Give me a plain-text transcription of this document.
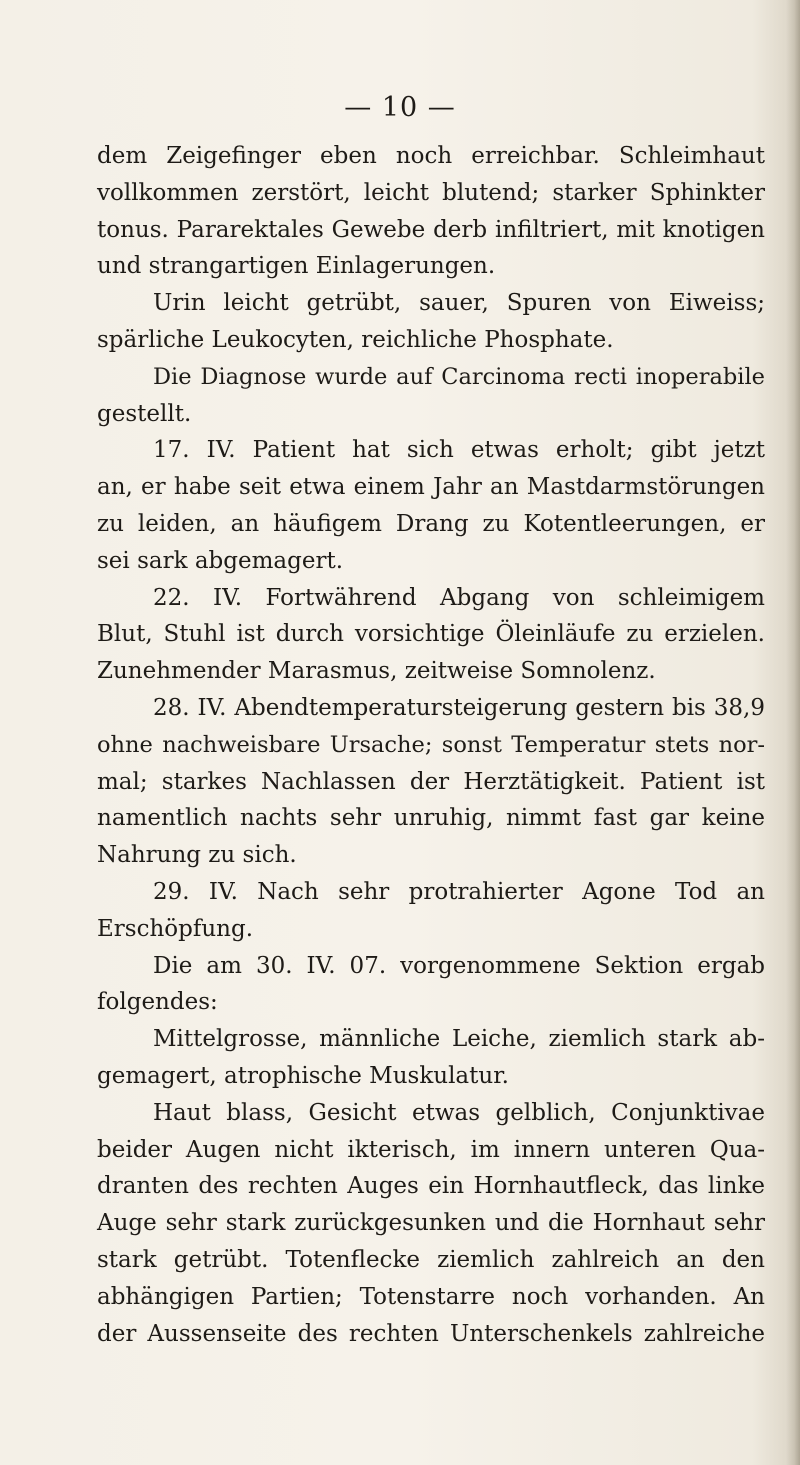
— 10 —
dem Zeigefinger eben noch erreichbar. Schleimhaut
vollkommen zerstört, leicht blutend; starker Sphinkter
tonus. Pararektales Gewebe derb infiltriert, mit knotigen
und strangartigen Einlagerungen.
Urin leicht getrübt, sauer, Spuren von Eiweiss;
spärliche Leukocyten, reichliche Phosphate.
Die Diagnose wurde auf Carcinoma recti inoperabile
gestellt.
17. IV. Patient hat sich etwas erholt; gibt jetzt
an, er habe seit etwa einem Jahr an Mastdarmstörungen
zu leiden, an häufigem Drang zu Kotentleerungen, er
sei sark abgemagert.
22. IV. Fortwährend Abgang von schleimigem
Blut, Stuhl ist durch vorsichtige Öleinläufe zu erzielen.
Zunehmender Marasmus, zeitweise Somnolenz.
28. IV. Abendtemperatursteigerung gestern bis 38,9
ohne nachweisbare Ursache; sonst Temperatur stets nor-
mal; starkes Nachlassen der Herztätigkeit. Patient ist
namentlich nachts sehr unruhig, nimmt fast gar keine
Nahrung zu sich.
29. IV. Nach sehr protrahierter Agone Tod an
Erschöpfung.
Die am 30. IV. 07. vorgenommene Sektion ergab
folgendes:
Mittelgrosse, männliche Leiche, ziemlich stark ab-
gemagert, atrophische Muskulatur.
Haut blass, Gesicht etwas gelblich, Conjunktivae
beider Augen nicht ikterisch, im innern unteren Qua-
dranten des rechten Auges ein Hornhautfleck, das linke
Auge sehr stark zurückgesunken und die Hornhaut sehr
stark getrübt. Totenflecke ziemlich zahlreich an den
abhängigen Partien; Totenstarre noch vorhanden. An
der Aussenseite des rechten Unterschenkels zahlreiche
